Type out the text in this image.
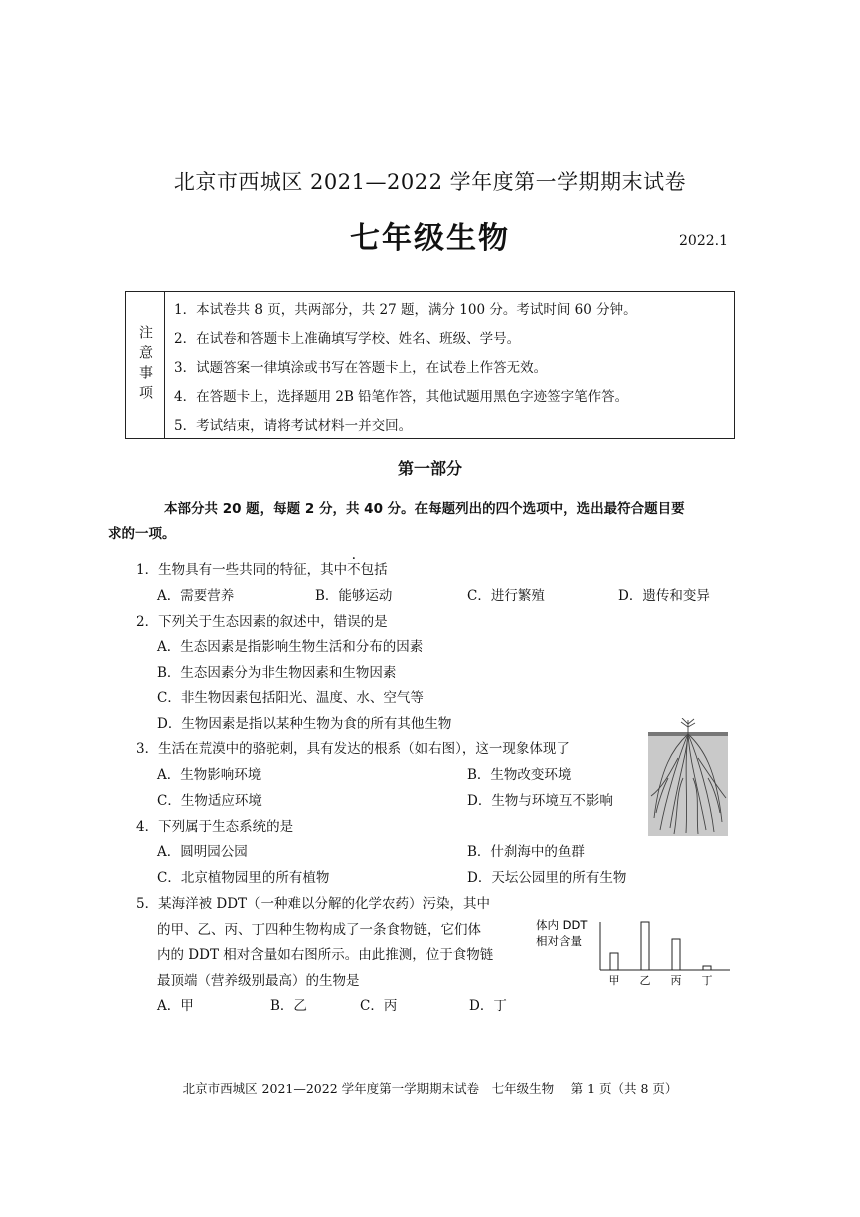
北京市西城区 2021—2022 学年度第一学期期末试卷
七年级生物	2022.1
注意事项
1．本试卷共 8 页，共两部分，共 27 题，满分 100 分。考试时间 60 分钟。
2．在试卷和答题卡上准确填写学校、姓名、班级、学号。
3．试题答案一律填涂或书写在答题卡上，在试卷上作答无效。
4．在答题卡上，选择题用 2B 铅笔作答，其他试题用黑色字迹签字笔作答。
5．考试结束，请将考试材料一并交回。
第一部分
本部分共 20 题，每题 2 分，共 40 分。在每题列出的四个选项中，选出最符合题目要
求的一项。
1．生物具有一些共同的特征，其中不包括
A．需要营养	B．能够运动	C．进行繁殖	D．遗传和变异
2．下列关于生态因素的叙述中，错误的是
A．生态因素是指影响生物生活和分布的因素
B．生态因素分为非生物因素和生物因素
C．非生物因素包括阳光、温度、水、空气等
D．生物因素是指以某种生物为食的所有其他生物
3．生活在荒漠中的骆驼刺，具有发达的根系（如右图），这一现象体现了
A．生物影响环境	B．生物改变环境
C．生物适应环境	D．生物与环境互不影响
4．下列属于生态系统的是
A．圆明园公园	B．什刹海中的鱼群
C．北京植物园里的所有植物	D．天坛公园里的所有生物
5．某海洋被 DDT（一种难以分解的化学农药）污染，其中
的甲、乙、丙、丁四种生物构成了一条食物链，它们体
内的 DDT 相对含量如右图所示。由此推测，位于食物链
最顶端（营养级别最高）的生物是
A．甲	B．乙	C．丙	D．丁
体内 DDT
相对含量
甲 乙 丙 丁
北京市西城区 2021—2022 学年度第一学期期末试卷　七年级生物　 第 1 页（共 8 页）
